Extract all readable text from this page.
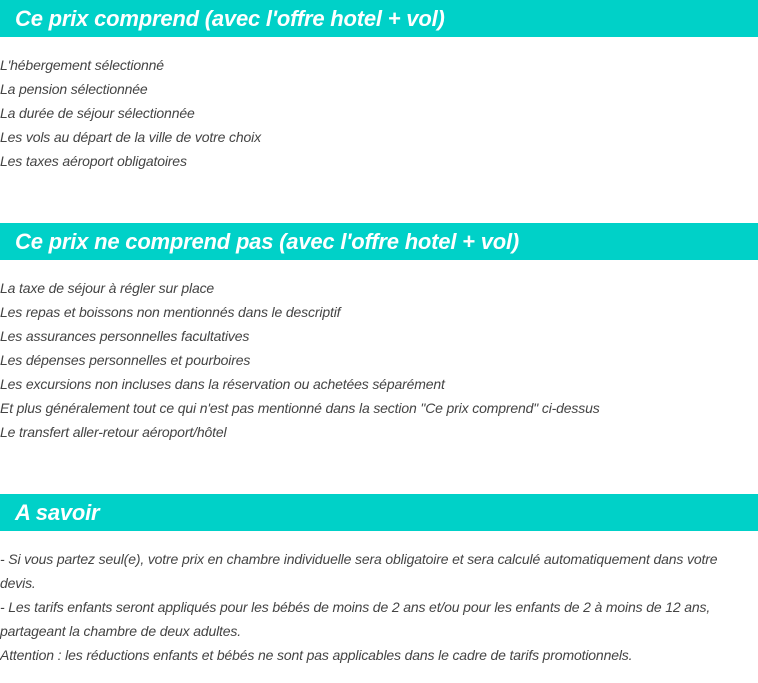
Ce prix comprend (avec l'offre hotel + vol)
L'hébergement sélectionné
La pension sélectionnée
La durée de séjour sélectionnée
Les vols au départ de la ville de votre choix
Les taxes aéroport obligatoires
Ce prix ne comprend pas (avec l'offre hotel + vol)
La taxe de séjour à régler sur place
Les repas et boissons non mentionnés dans le descriptif
Les assurances personnelles facultatives
Les dépenses personnelles et pourboires
Les excursions non incluses dans la réservation ou achetées séparément
Et plus généralement tout ce qui n'est pas mentionné dans la section "Ce prix comprend" ci-dessus
Le transfert aller-retour aéroport/hôtel
A savoir
- Si vous partez seul(e), votre prix en chambre individuelle sera obligatoire et sera calculé automatiquement dans votre devis.
- Les tarifs enfants seront appliqués pour les bébés de moins de 2 ans et/ou pour les enfants de 2 à moins de 12 ans, partageant la chambre de deux adultes.
Attention : les réductions enfants et bébés ne sont pas applicables dans le cadre de tarifs promotionnels.
